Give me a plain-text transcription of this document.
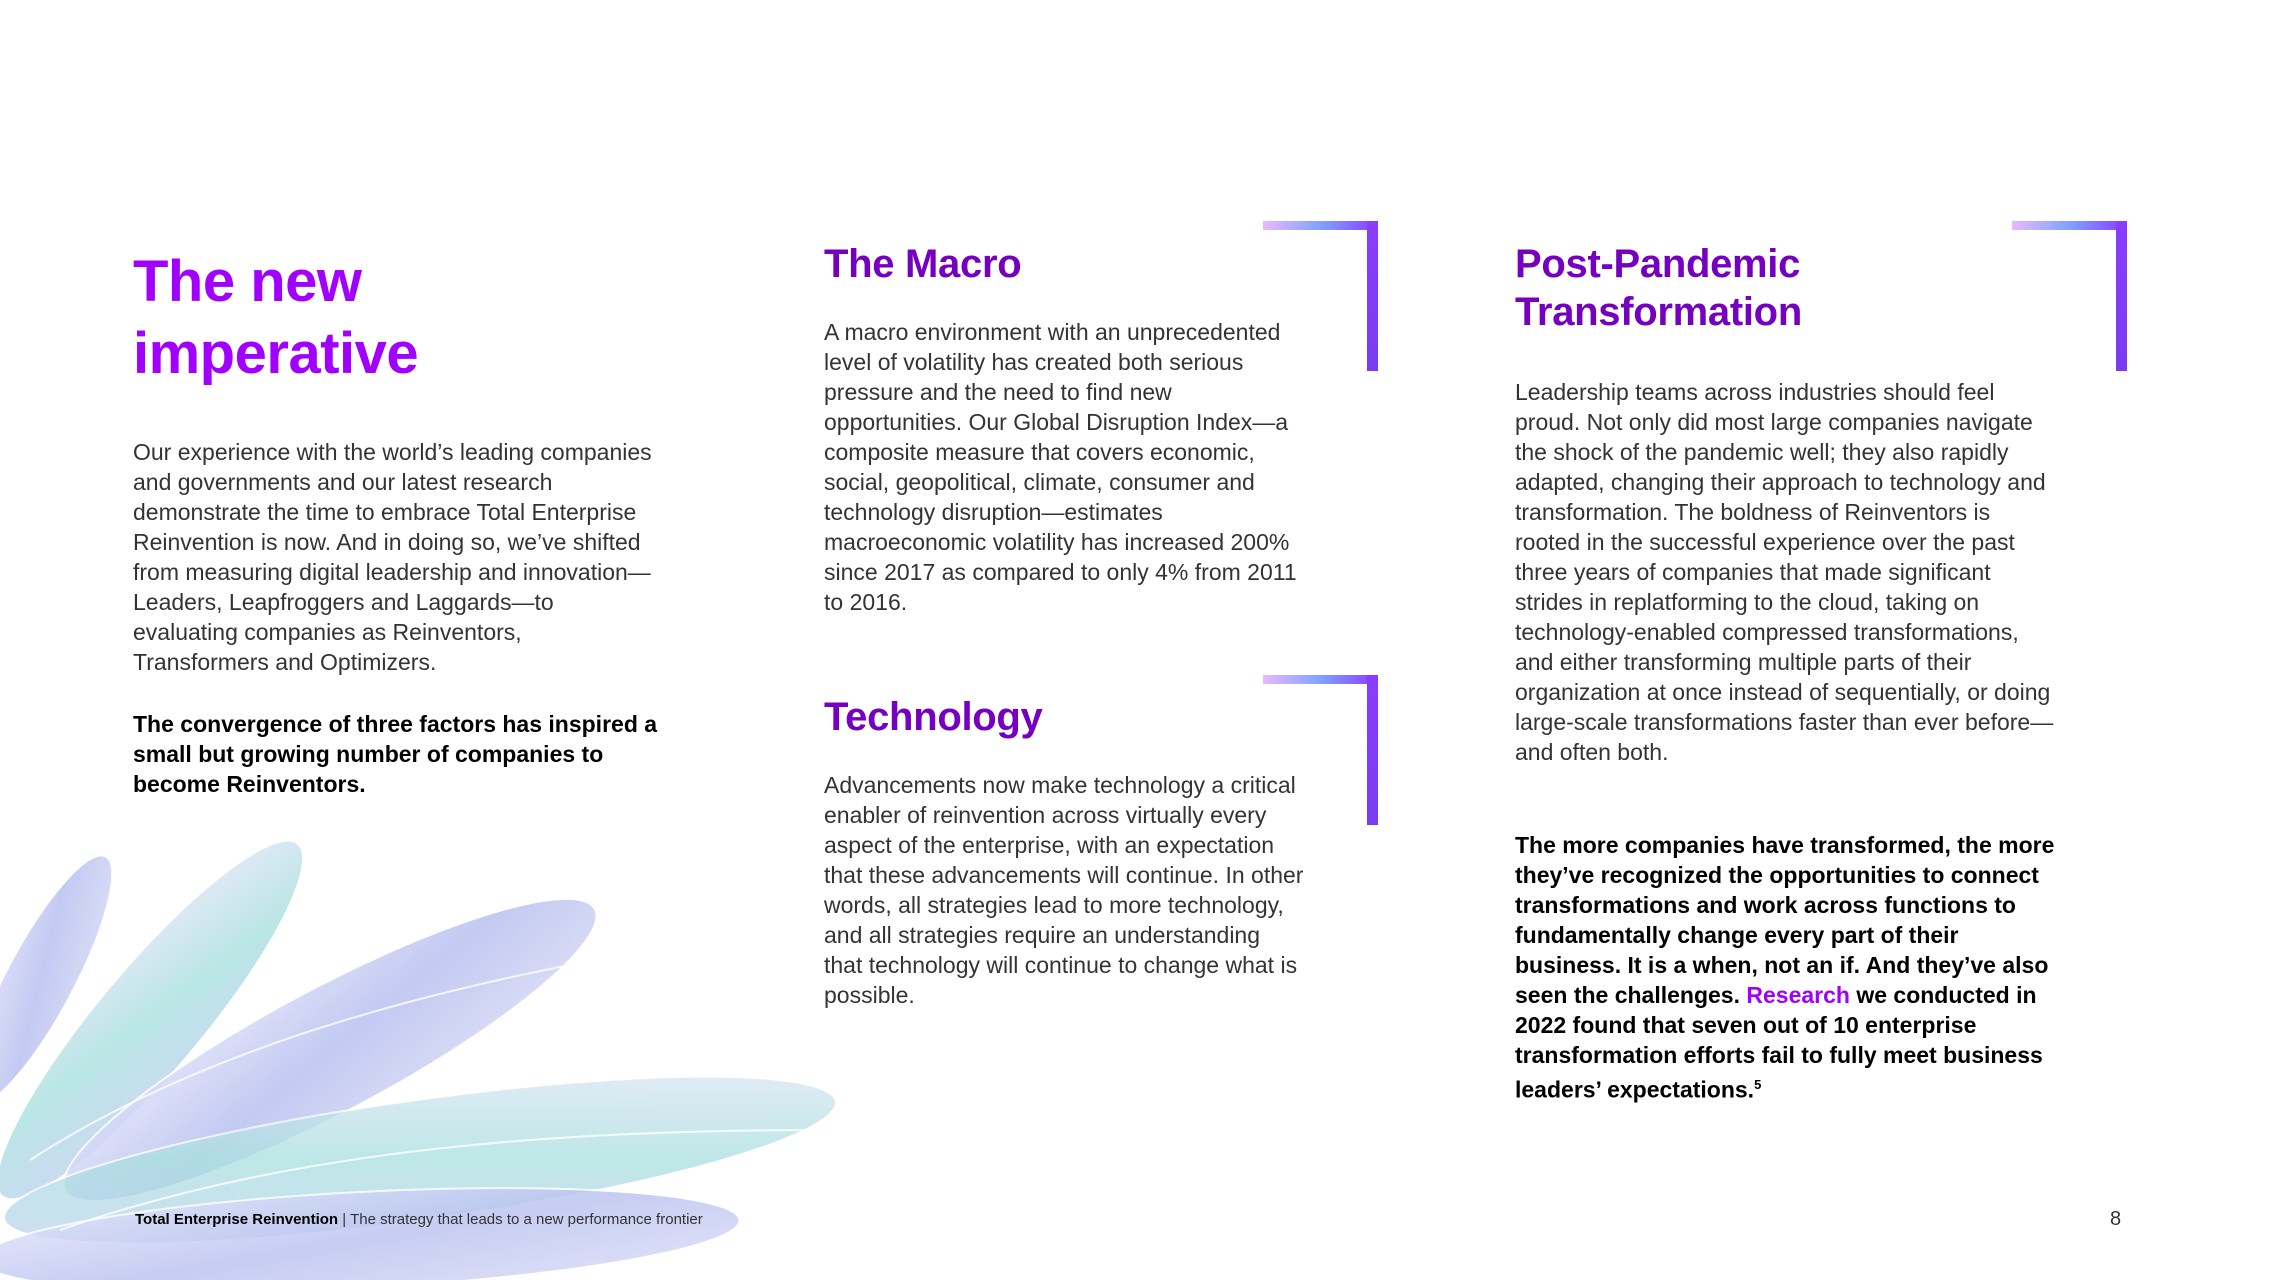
The new imperative

Our experience with the world’s leading companies and governments and our latest research demonstrate the time to embrace Total Enterprise Reinvention is now. And in doing so, we’ve shifted from measuring digital leadership and innovation—Leaders, Leapfroggers and Laggards—to evaluating companies as Reinventors, Transformers and Optimizers.

The convergence of three factors has inspired a small but growing number of companies to become Reinventors.

The Macro

A macro environment with an unprecedented level of volatility has created both serious pressure and the need to find new opportunities. Our Global Disruption Index—a composite measure that covers economic, social, geopolitical, climate, consumer and technology disruption—estimates macroeconomic volatility has increased 200% since 2017 as compared to only 4% from 2011 to 2016.

Technology

Advancements now make technology a critical enabler of reinvention across virtually every aspect of the enterprise, with an expectation that these advancements will continue. In other words, all strategies lead to more technology, and all strategies require an understanding that technology will continue to change what is possible.

Post-Pandemic Transformation

Leadership teams across industries should feel proud. Not only did most large companies navigate the shock of the pandemic well; they also rapidly adapted, changing their approach to technology and transformation. The boldness of Reinventors is rooted in the successful experience over the past three years of companies that made significant strides in replatforming to the cloud, taking on technology-enabled compressed transformations, and either transforming multiple parts of their organization at once instead of sequentially, or doing large-scale transformations faster than ever before—and often both.

The more companies have transformed, the more they’ve recognized the opportunities to connect transformations and work across functions to fundamentally change every part of their business. It is a when, not an if. And they’ve also seen the challenges. Research we conducted in 2022 found that seven out of 10 enterprise transformation efforts fail to fully meet business leaders’ expectations.$^5$

Total Enterprise Reinvention | The strategy that leads to a new performance frontier	8
